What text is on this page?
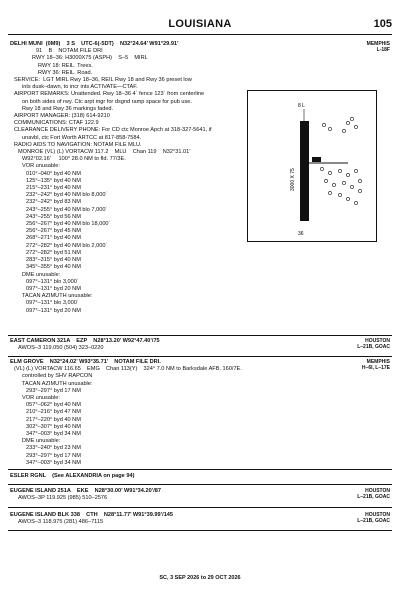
LOUISIANA	105
DELHI MUNI  (0M9)    3 S    UTC-6(-5DT)    N32°24.64’ W91°29.91’
91    B    NOTAM FILE DRI
RWY 18–36: H3000X75 (ASPH)    S–5    MIRL
RWY 18: REIL. Trees.
RWY 36: REIL. Road.
SERVICE:  LGT MIRL Rwy 18–36, REIL Rwy 18 and Rwy 36 preset low
ints dusk–dawn, to incr ints ACTIVATE—CTAF.
AIRPORT REMARKS: Unattended. Rwy 18–36 4´ fence 123´ from centerline
on both sides of rwy. Ctc arpt mgr for dsgnd ramp space for pub use.
Rwy 18 and Rwy 36 markings faded.
AIRPORT MANAGER: (318) 614-9210
COMMUNICATIONS: CTAF 122.9
CLEARANCE DELIVERY PHONE: For CD ctc Monroe Apch at 318-327-5641, if
unavbl, ctc Fort Worth ARTCC at 817-858-7584.
RADIO AIDS TO NAVIGATION: NOTAM FILE MLU.
MONROE (VL) (L) VORTACW 117.2    MLU    Chan 119    N32°31.01’
W92°02.16’     100° 28.0 NM to fld. 77/3E.
VOR unusable:
010°–040° byd 40 NM
125°–135° byd 40 NM
215°–231° byd 40 NM
232°–242° byd 40 NM blo 8,000´
232°–242° byd 83 NM
243°–255° byd 40 NM blo 7,000´
243°–255° byd 56 NM
256°–267° byd 40 NM blo 18,000´
256°–267° byd 45 NM
268°–271° byd 40 NM
272°–282° byd 40 NM blo 2,000´
272°–282° byd 51 NM
283°–315° byd 40 NM
345°–355° byd 40 NM
DME unusable:
097°–131° blo 3,000´
097°–131° byd 20 NM
TACAN AZIMUTH unusable:
097°–131° blo 3,000´
097°–131° byd 20 NM
MEMPHIS
L-18F
8 L
3000 X 75
36
EAST CAMERON 321A    EZP    N28°13.20’ W92°47.40’/75
AWOS–3 119.050 (504) 323–0220
HOUSTON
L–21B, GOAC
ELM GROVE    N32°24.02’ W93°35.71’    NOTAM FILE DRI.
(VL) (L) VORTACW 116.65    EMG    Chan 113(Y)    324° 7.0 NM to Barksdale AFB. 160/7E.
controlled by SHV RAPCON
TACAN AZIMUTH unusable:
293°–297° byd 17 NM
VOR unusable:
057°–062° byd 40 NM
210°–216° byd 47 NM
217°–220° byd 40 NM
302°–307° byd 40 NM
347°–003° byd 34 NM
DME unusable:
233°–240° byd 23 NM
293°–297° byd 17 NM
347°–003° byd 34 NM
MEMPHIS
H–6I, L–17E
ESLER RGNL    (See ALEXANDRIA on page 94)
EUGENE ISLAND 251A    EKE    N28°30.00’ W91°34.20’/87
AWOS–3P 119.925 (985) 510–2576
HOUSTON
L–21B, GOAC
EUGENE ISLAND BLK 338    CTH    N28°11.77’ W91°39.99’/145
AWOS–3 118.975 (281) 486–7115
HOUSTON
L–21B, GOAC
SC, 3 SEP 2026 to 29 OCT 2026
